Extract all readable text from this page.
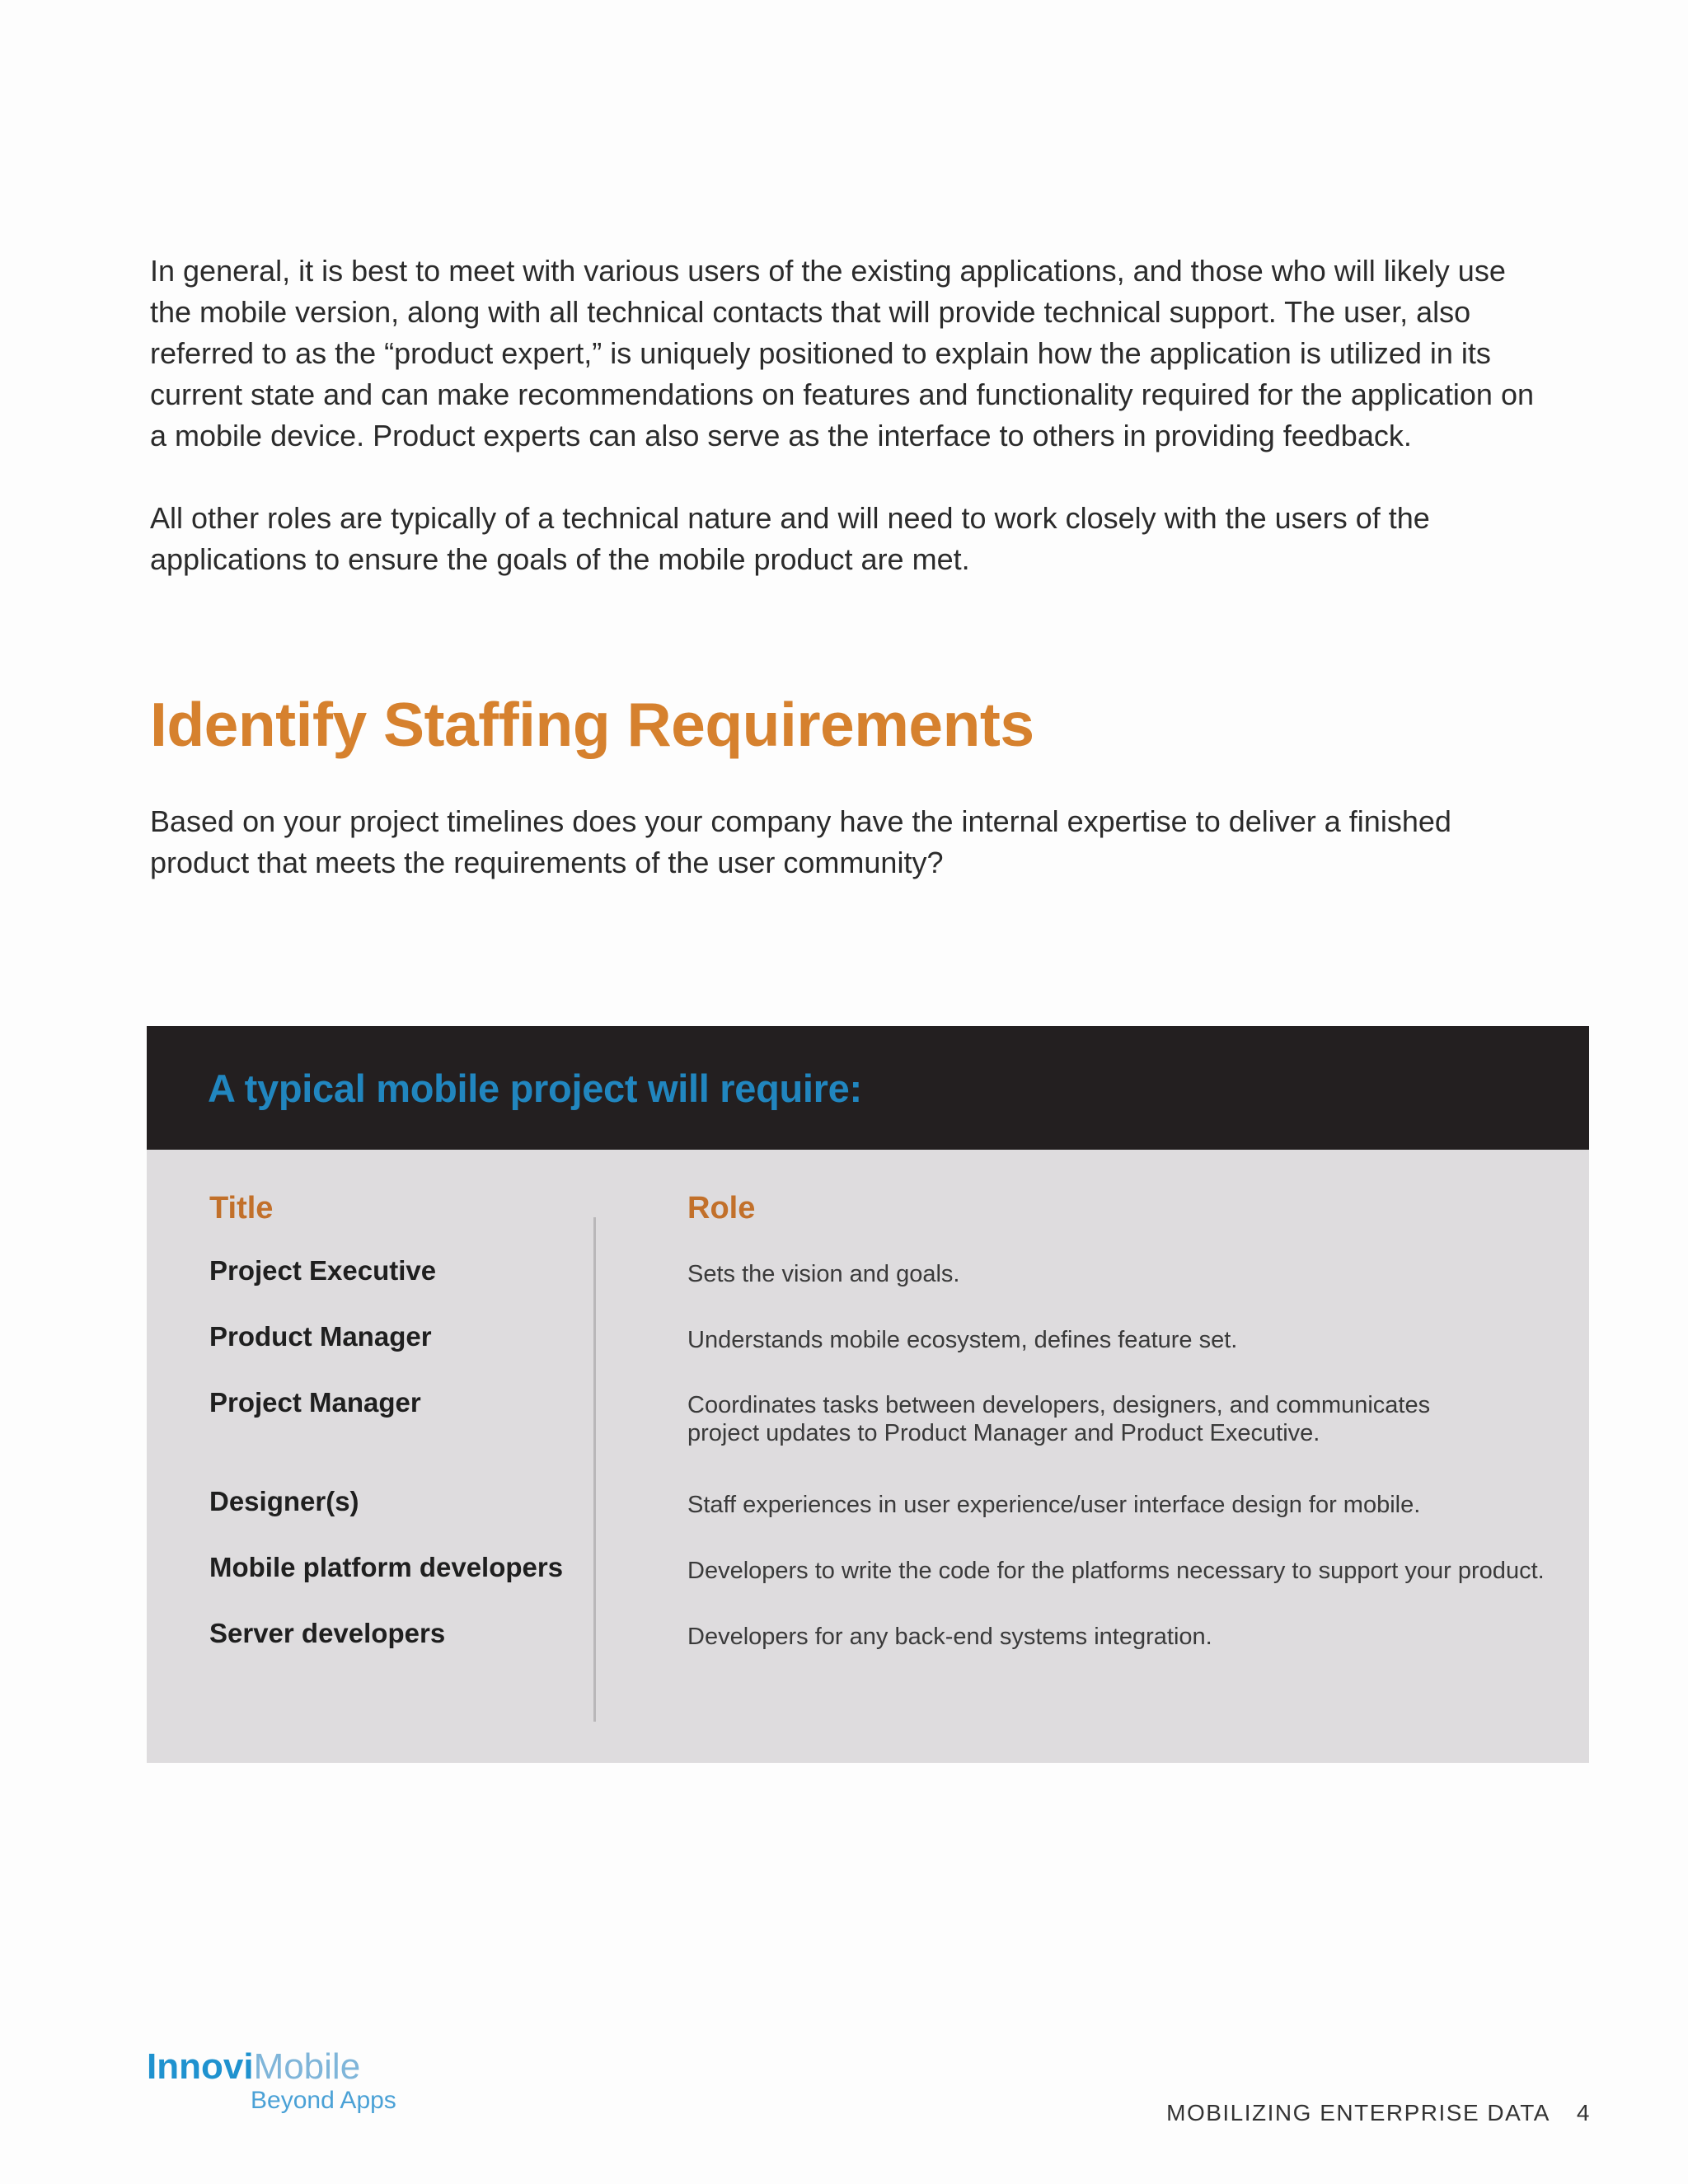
In general, it is best to meet with various users of the existing applications, and those who will likely use the mobile version, along with all technical contacts that will provide technical support. The user, also referred to as the “product expert,” is uniquely positioned to explain how the application is utilized in its current state and can make recommendations on features and functionality required for the application on a mobile device. Product experts can also serve as the interface to others in providing feedback.

All other roles are typically of a technical nature and will need to work closely with the users of the applications to ensure the goals of the mobile product are met.

Identify Staffing Requirements

Based on your project timelines does your company have the internal expertise to deliver a finished product that meets the requirements of the user community?

A typical mobile project will require:
Title	Role
Project Executive	Sets the vision and goals.
Product Manager	Understands mobile ecosystem, defines feature set.
Project Manager	Coordinates tasks between developers, designers, and communicates project updates to Product Manager and Product Executive.
Designer(s)	Staff experiences in user experience/user interface design for mobile.
Mobile platform developers	Developers to write the code for the platforms necessary to support your product.
Server developers	Developers for any back-end systems integration.
InnoviMobile
Beyond Apps	MOBILIZING ENTERPRISE DATA 4
